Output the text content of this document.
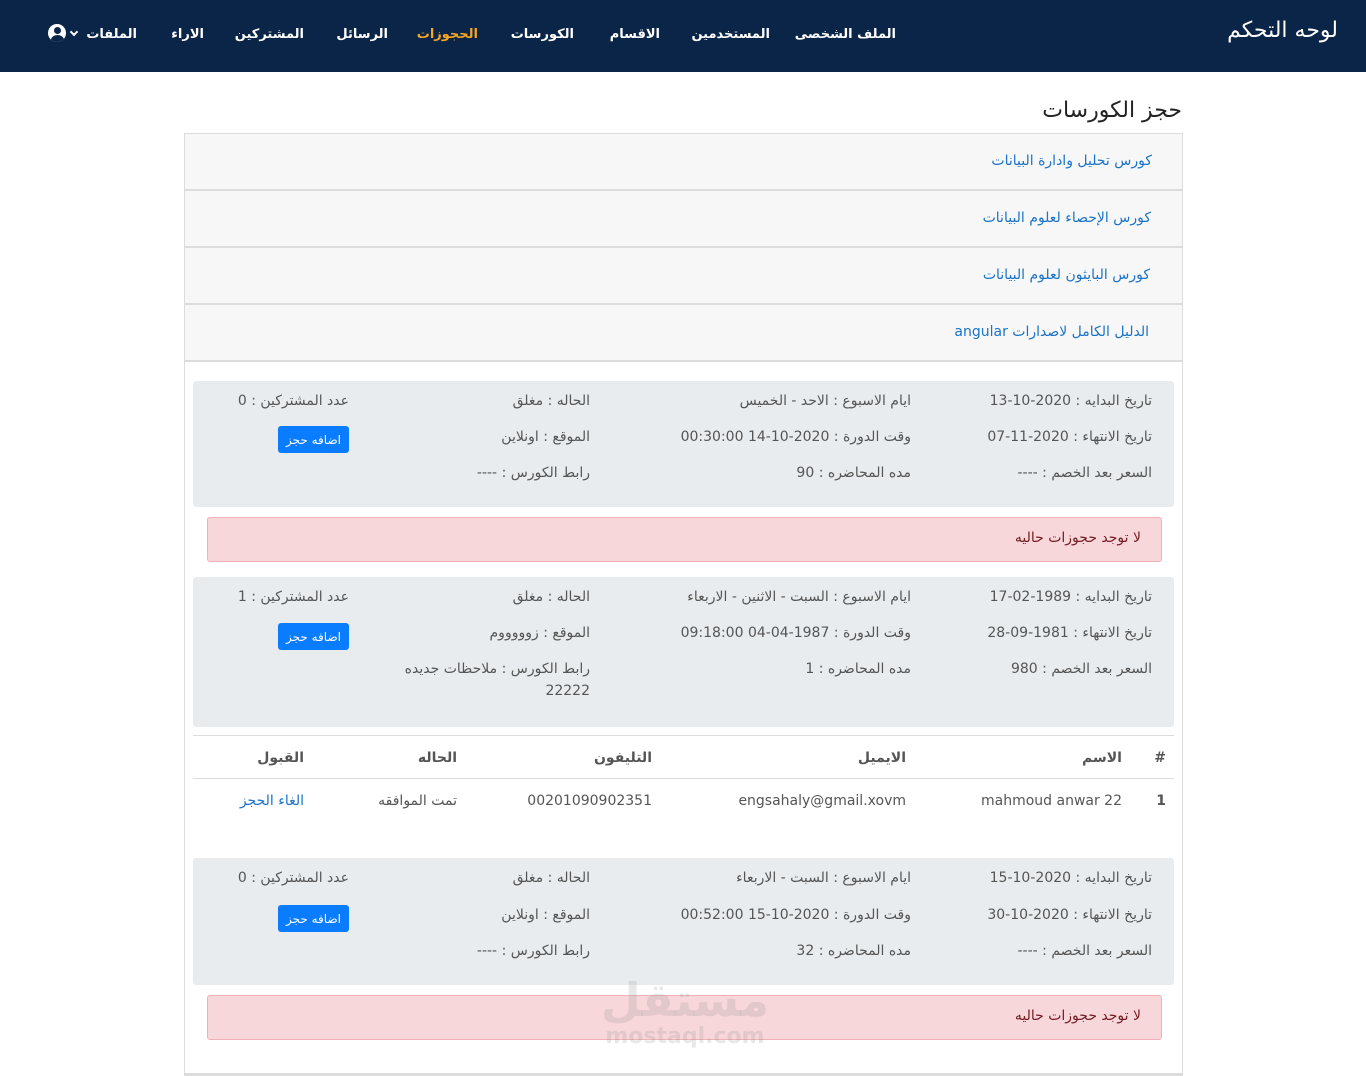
لوحه التحكم
الملف الشخصى
المستخدمين
الاقسام
الكورسات
الحجوزات
الرسائل
المشتركين
الاراء
الملفات
حجز الكورسات
كورس تحليل وادارة البيانات
كورس الإحصاء لعلوم البيانات
كورس البايثون لعلوم البيانات
الدليل الكامل لاصدارات angular
تاريخ البدايه : 2020-10-13
تاريخ الانتهاء : 2020-11-07
السعر بعد الخصم : ----
ايام الاسبوع : الاحد - الخميس
وقت الدورة : 2020-10-14 00:30:00
مده المحاضره : 90
الحاله : مغلق
الموقع : اونلاين
رابط الكورس : ----
عدد المشتركين : 0
اضافه حجز
لا توجد حجوزات حاليه
تاريخ البدايه : 1989-02-17
تاريخ الانتهاء : 1981-09-28
السعر بعد الخصم : 980
ايام الاسبوع : السبت - الاثنين - الاربعاء
وقت الدورة : 1987-04-04 09:18:00
مده المحاضره : 1
الحاله : مغلق
الموقع : زوووووم
رابط الكورس : ملاحظات جديده 22222
عدد المشتركين : 1
اضافه حجز
#
الاسم
الايميل
التليفون
الحاله
القبول
1
mahmoud anwar 22
engsahaly@gmail.xovm
00201090902351
تمت الموافقه
الغاء الحجز
تاريخ البدايه : 2020-10-15
تاريخ الانتهاء : 2020-10-30
السعر بعد الخصم : ----
ايام الاسبوع : السبت - الاربعاء
وقت الدورة : 2020-10-15 00:52:00
مده المحاضره : 32
الحاله : مغلق
الموقع : اونلاين
رابط الكورس : ----
عدد المشتركين : 0
اضافه حجز
لا توجد حجوزات حاليه
مستقل
mostaql.com
